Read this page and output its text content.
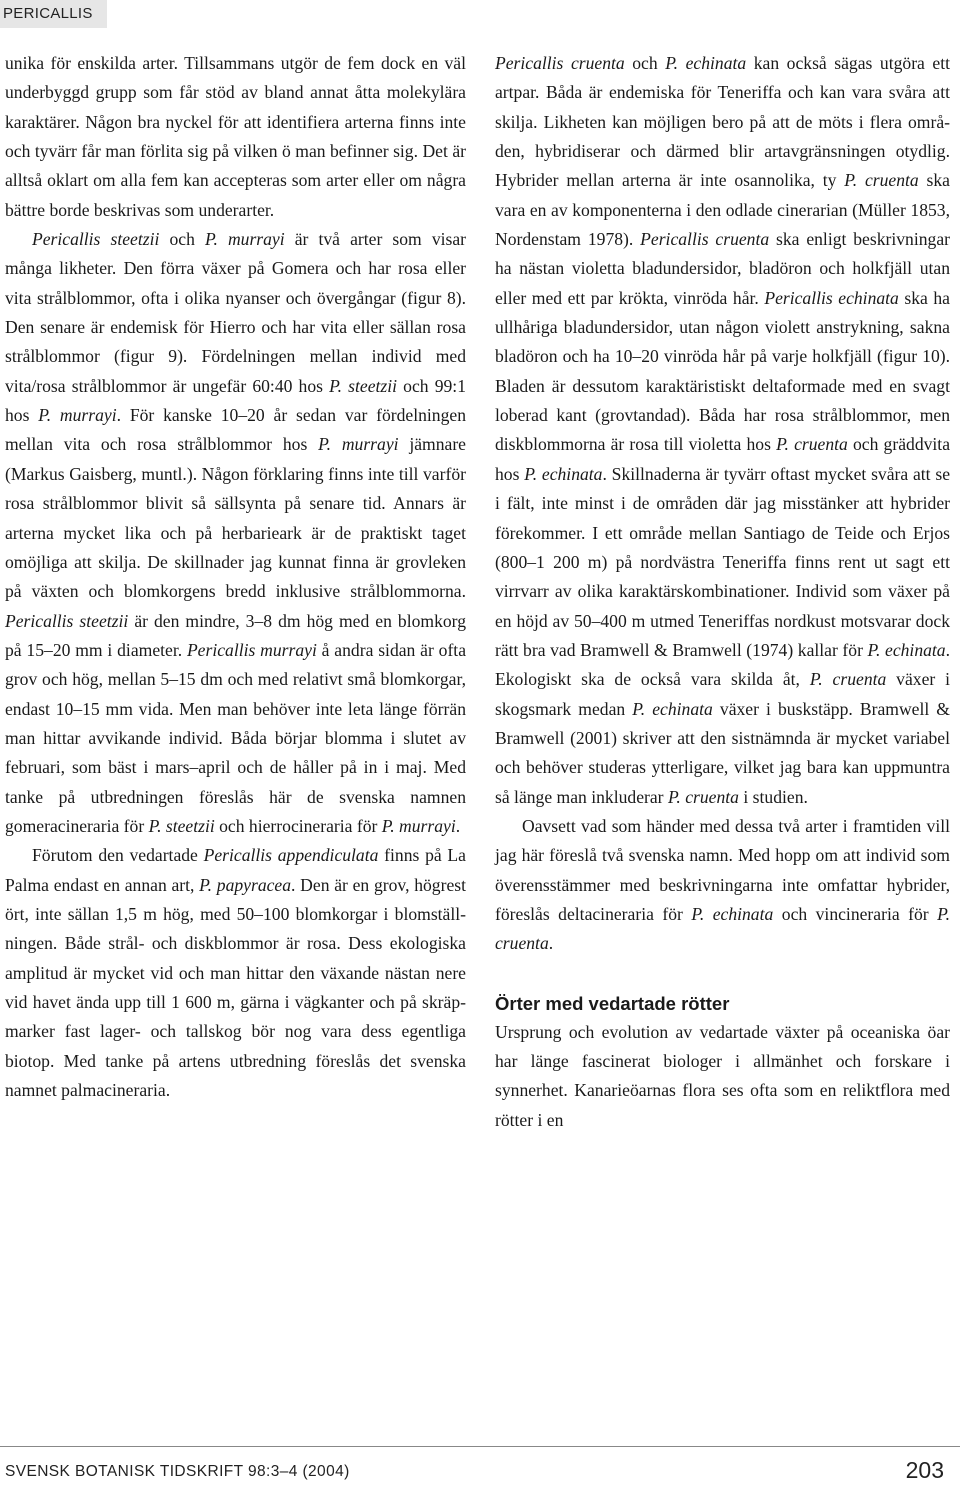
PERICALLIS

unika för enskilda arter. Tillsammans utgör de fem dock en väl underbyggd grupp som får stöd av bland annat åtta molekylära karaktärer. Någon bra nyckel för att identifiera arterna finns inte och tyvärr får man förlita sig på vilken ö man befinner sig. Det är alltså oklart om alla fem kan accepteras som arter eller om några bättre borde beskrivas som underarter.

Pericallis steetzii och P. murrayi är två arter som visar många likheter. Den förra växer på Gomera och har rosa eller vita strålblommor, ofta i olika nyanser och övergångar (figur 8). Den senare är endemisk för Hierro och har vita eller sällan rosa strålblommor (figur 9). Fördelningen mellan individ med vita/rosa strålblommor är ungefär 60:40 hos P. steetzii och 99:1 hos P. murrayi. För kanske 10–20 år sedan var fördelningen mellan vita och rosa strålblommor hos P. murrayi jämnare (Markus Gaisberg, muntl.). Någon förklaring finns inte till varför rosa strålblommor blivit så sällsynta på senare tid. Annars är arterna mycket lika och på herbarieark är de praktiskt taget omöjliga att skilja. De skillnader jag kunnat finna är grovleken på växten och blomkorgens bredd inklusive strålblommorna. Pericallis steetzii är den mindre, 3–8 dm hög med en blomkorg på 15–20 mm i diameter. Pericallis murrayi å andra sidan är ofta grov och hög, mellan 5–15 dm och med relativt små blomkorgar, endast 10–15 mm vida. Men man behöver inte leta länge förrän man hittar avvikande individ. Båda börjar blomma i slutet av februari, som bäst i mars–april och de håller på in i maj. Med tanke på utbredningen föreslås här de svenska namnen gomeracineraria för P. steetzii och hierrocineraria för P. murrayi.

Förutom den vedartade Pericallis appendiculata finns på La Palma endast en annan art, P. papyracea. Den är en grov, högrest ört, inte sällan 1,5 m hög, med 50–100 blomkorgar i blomställningen. Både strål- och diskblommor är rosa. Dess ekologiska amplitud är mycket vid och man hittar den växande nästan nere vid havet ända upp till 1 600 m, gärna i vägkanter och på skräpmarker fast lager- och tallskog bör nog vara dess egentliga biotop. Med tanke på artens utbredning föreslås det svenska namnet palmacineraria.

Pericallis cruenta och P. echinata kan också sägas utgöra ett artpar. Båda är endemiska för Teneriffa och kan vara svåra att skilja. Likheten kan möjligen bero på att de möts i flera områden, hybridiserar och därmed blir artavgränsningen otydlig. Hybrider mellan arterna är inte osannolika, ty P. cruenta ska vara en av komponenterna i den odlade cinerarian (Müller 1853, Nordenstam 1978). Pericallis cruenta ska enligt beskrivningar ha nästan violetta bladundersidor, bladöron och holkfjäll utan eller med ett par krökta, vinröda hår. Pericallis echinata ska ha ullhåriga bladundersidor, utan någon violett anstrykning, sakna bladöron och ha 10–20 vinröda hår på varje holkfjäll (figur 10). Bladen är dessutom karaktäristiskt deltaformade med en svagt loberad kant (grovtandad). Båda har rosa strålblommor, men diskblommorna är rosa till violetta hos P. cruenta och gräddvita hos P. echinata. Skillnaderna är tyvärr oftast mycket svåra att se i fält, inte minst i de områden där jag misstänker att hybrider förekommer. I ett område mellan Santiago de Teide och Erjos (800–1 200 m) på nordvästra Teneriffa finns rent ut sagt ett virrvarr av olika karaktärskombinationer. Individ som växer på en höjd av 50–400 m utmed Teneriffas nordkust motsvarar dock rätt bra vad Bramwell & Bramwell (1974) kallar för P. echinata. Ekologiskt ska de också vara skilda åt, P. cruenta växer i skogsmark medan P. echinata växer i buskstäpp. Bramwell & Bramwell (2001) skriver att den sistnämnda är mycket variabel och behöver studeras ytterligare, vilket jag bara kan uppmuntra så länge man inkluderar P. cruenta i studien.

Oavsett vad som händer med dessa två arter i framtiden vill jag här föreslå två svenska namn. Med hopp om att individ som överensstämmer med beskrivningarna inte omfattar hybrider, föreslås deltacineraria för P. echinata och vincineraria för P. cruenta.

Örter med vedartade rötter

Ursprung och evolution av vedartade växter på oceaniska öar har länge fascinerat biologer i allmänhet och forskare i synnerhet. Kanarieöarnas flora ses ofta som en reliktflora med rötter i en

SVENSK BOTANISK TIDSKRIFT 98:3–4 (2004)	203
